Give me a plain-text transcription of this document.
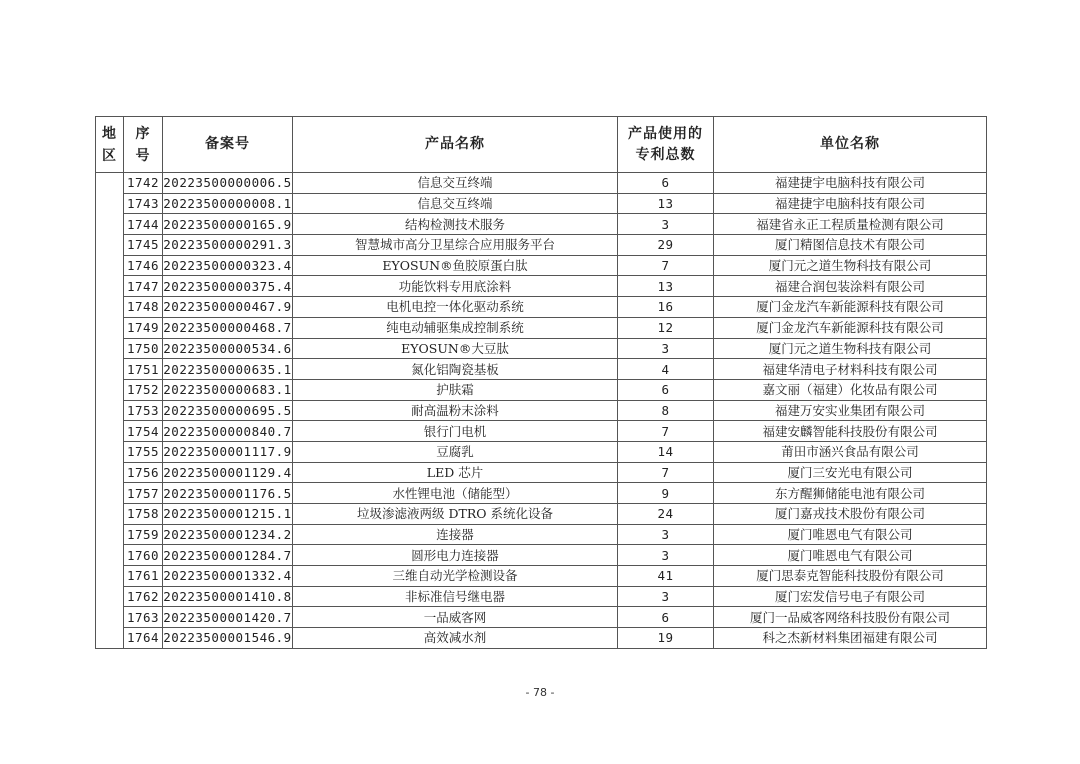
地区	序号	备案号	产品名称	产品使用的专利总数	单位名称
	1742	20223500000006.5	信息交互终端	6	福建捷宇电脑科技有限公司
	1743	20223500000008.1	信息交互终端	13	福建捷宇电脑科技有限公司
	1744	20223500000165.9	结构检测技术服务	3	福建省永正工程质量检测有限公司
	1745	20223500000291.3	智慧城市高分卫星综合应用服务平台	29	厦门精图信息技术有限公司
	1746	20223500000323.4	EYOSUN®鱼胶原蛋白肽	7	厦门元之道生物科技有限公司
	1747	20223500000375.4	功能饮料专用底涂料	13	福建合润包装涂料有限公司
	1748	20223500000467.9	电机电控一体化驱动系统	16	厦门金龙汽车新能源科技有限公司
	1749	20223500000468.7	纯电动辅驱集成控制系统	12	厦门金龙汽车新能源科技有限公司
	1750	20223500000534.6	EYOSUN®大豆肽	3	厦门元之道生物科技有限公司
	1751	20223500000635.1	氮化铝陶瓷基板	4	福建华清电子材料科技有限公司
	1752	20223500000683.1	护肤霜	6	嘉文丽（福建）化妆品有限公司
	1753	20223500000695.5	耐高温粉末涂料	8	福建万安实业集团有限公司
	1754	20223500000840.7	银行门电机	7	福建安麟智能科技股份有限公司
	1755	20223500001117.9	豆腐乳	14	莆田市涵兴食品有限公司
	1756	20223500001129.4	LED 芯片	7	厦门三安光电有限公司
	1757	20223500001176.5	水性锂电池（储能型）	9	东方醒狮储能电池有限公司
	1758	20223500001215.1	垃圾渗滤液两级 DTRO 系统化设备	24	厦门嘉戎技术股份有限公司
	1759	20223500001234.2	连接器	3	厦门唯恩电气有限公司
	1760	20223500001284.7	圆形电力连接器	3	厦门唯恩电气有限公司
	1761	20223500001332.4	三维自动光学检测设备	41	厦门思泰克智能科技股份有限公司
	1762	20223500001410.8	非标准信号继电器	3	厦门宏发信号电子有限公司
	1763	20223500001420.7	一品威客网	6	厦门一品威客网络科技股份有限公司
	1764	20223500001546.9	高效减水剂	19	科之杰新材料集团福建有限公司
- 78 -
